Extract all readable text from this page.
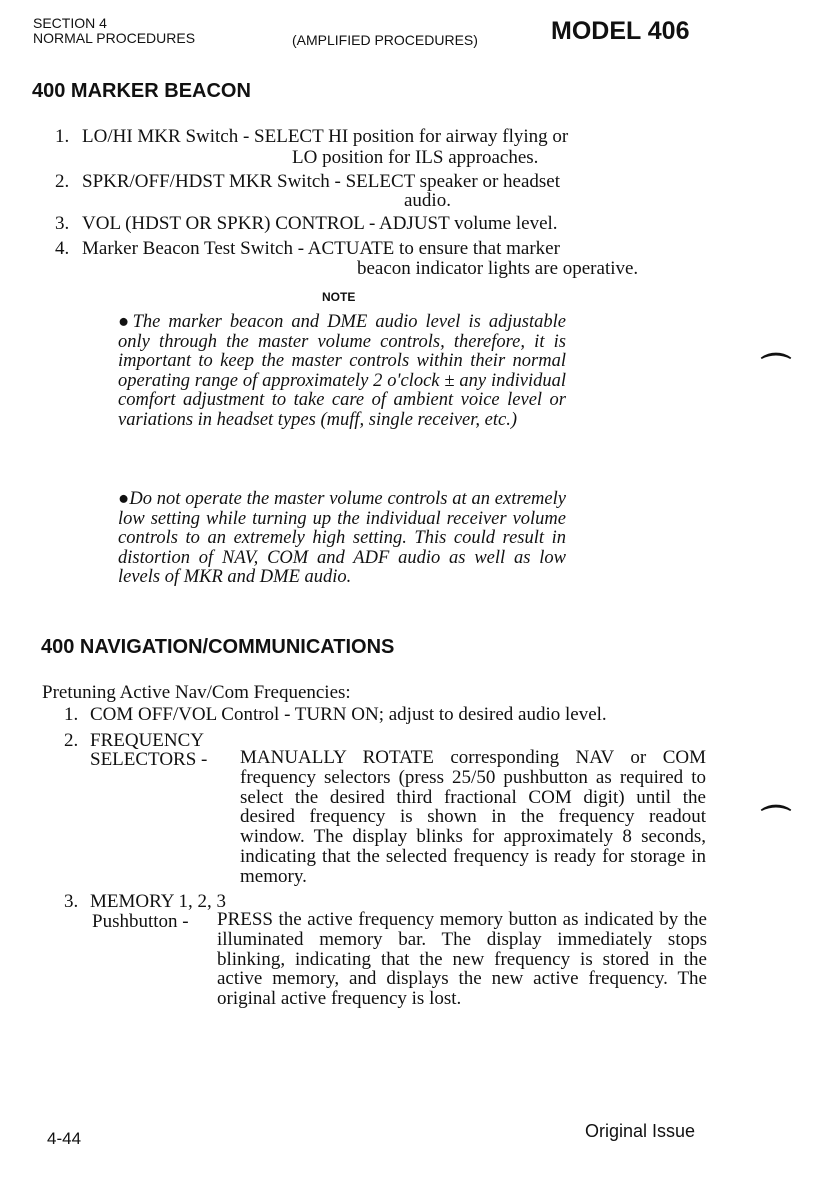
SECTION 4
NORMAL PROCEDURES	(AMPLIFIED PROCEDURES)	MODEL 406
400 MARKER BEACON
1. LO/HI MKR Switch - SELECT HI position for airway flying or
LO position for ILS approaches.
2. SPKR/OFF/HDST MKR Switch - SELECT speaker or headset
audio.
3. VOL (HDST OR SPKR) CONTROL - ADJUST volume level.
4. Marker Beacon Test Switch - ACTUATE to ensure that marker
beacon indicator lights are operative.
NOTE
●The marker beacon and DME audio level is adjustable only through the master volume controls, therefore, it is important to keep the master controls within their normal operating range of approximately 2 o'clock ± any individual comfort adjustment to take care of ambient voice level or variations in headset types (muff, single receiver, etc.)
●Do not operate the master volume controls at an extremely low setting while turning up the individual receiver volume controls to an extremely high setting. This could result in distortion of NAV, COM and ADF audio as well as low levels of MKR and DME audio.
⌒
400 NAVIGATION/COMMUNICATIONS
Pretuning Active Nav/Com Frequencies:
1. COM OFF/VOL Control - TURN ON; adjust to desired audio level.
2. FREQUENCY
SELECTORS - MANUALLY ROTATE corresponding NAV or COM frequency selectors (press 25/50 pushbutton as required to select the desired third fractional COM digit) until the desired frequency is shown in the frequency readout window. The display blinks for approximately 8 seconds, indicating that the selected frequency is ready for storage in memory.
⌒
3. MEMORY 1, 2, 3
Pushbutton - PRESS the active frequency memory button as indicated by the illuminated memory bar. The display immediately stops blinking, indicating that the new frequency is stored in the active memory, and displays the new active frequency. The original active frequency is lost.
4-44	Original Issue
